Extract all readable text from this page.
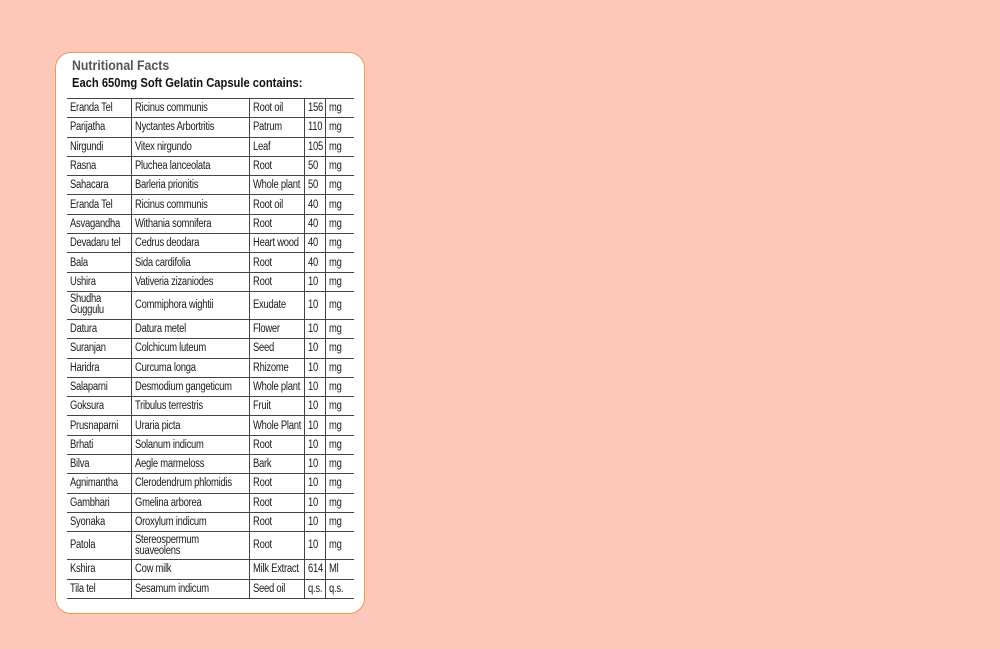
Nutritional Facts
Each 650mg Soft Gelatin Capsule contains:
Eranda Tel	Ricinus communis	Root oil	156	mg
Parijatha	Nyctantes Arbortritis	Patrum	110	mg
Nirgundi	Vitex nirgundo	Leaf	105	mg
Rasna	Pluchea lanceolata	Root	50	mg
Sahacara	Barleria prionitis	Whole plant	50	mg
Eranda Tel	Ricinus communis	Root oil	40	mg
Asvagandha	Withania somnifera	Root	40	mg
Devadaru tel	Cedrus deodara	Heart wood	40	mg
Bala	Sida cardifolia	Root	40	mg
Ushira	Vativeria zizaniodes	Root	10	mg
Shudha Guggulu	Commiphora wightii	Exudate	10	mg
Datura	Datura metel	Flower	10	mg
Suranjan	Colchicum luteum	Seed	10	mg
Haridra	Curcuma longa	Rhizome	10	mg
Salaparni	Desmodium gangeticum	Whole plant	10	mg
Goksura	Tribulus terrestris	Fruit	10	mg
Prusnaparni	Uraria picta	Whole Plant	10	mg
Brhati	Solanum indicum	Root	10	mg
Bilva	Aegle marmeloss	Bark	10	mg
Agnimantha	Clerodendrum phlomidis	Root	10	mg
Gambhari	Gmelina arborea	Root	10	mg
Syonaka	Oroxylum indicum	Root	10	mg
Patola	Stereospermum suaveolens	Root	10	mg
Kshira	Cow milk	Milk Extract	614	Ml
Tila tel	Sesamum indicum	Seed oil	q.s.	q.s.
